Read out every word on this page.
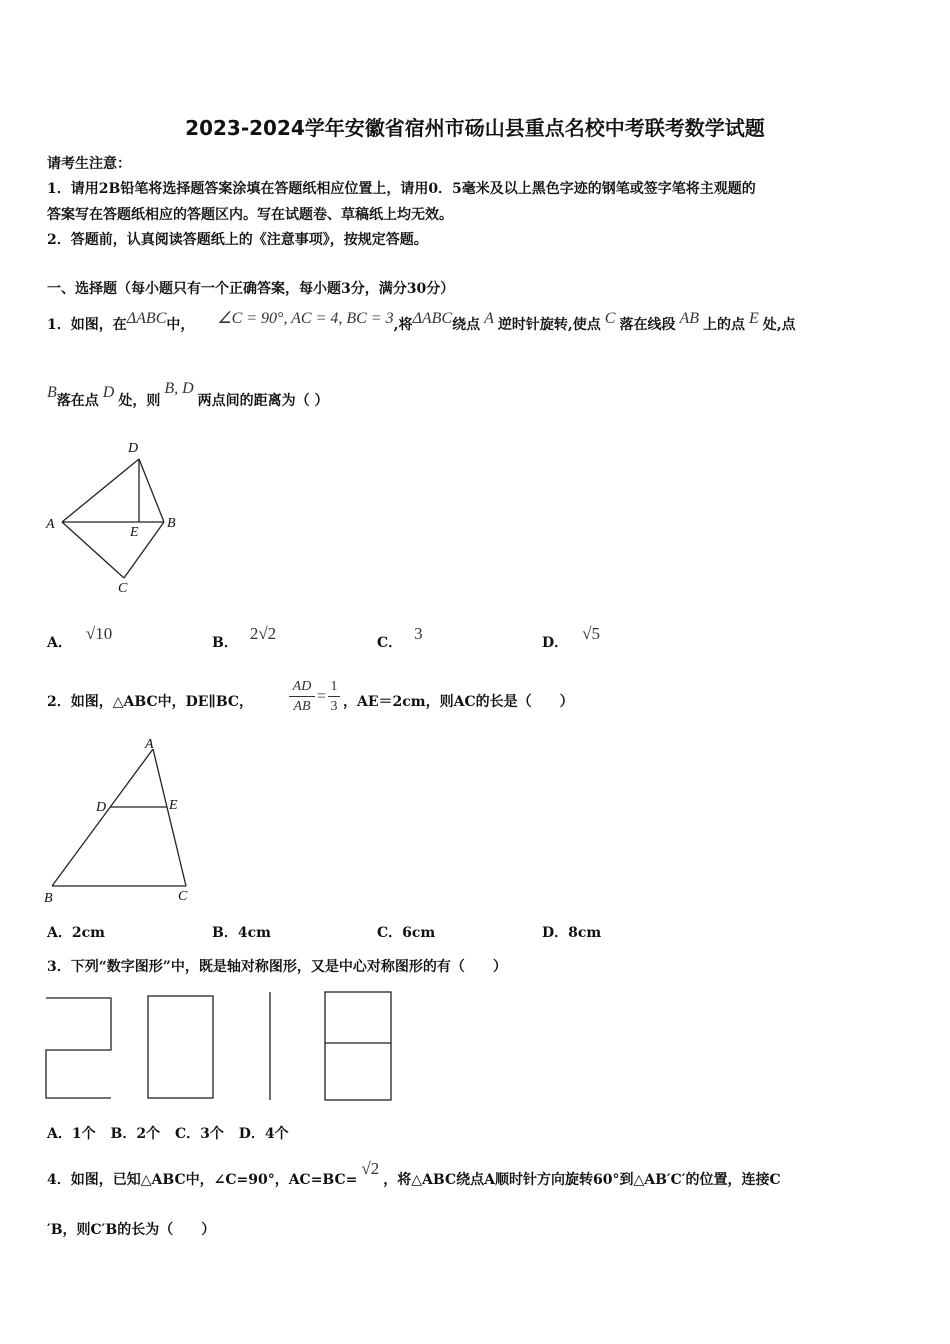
2023-2024学年安徽省宿州市砀山县重点名校中考联考数学试题
请考生注意：
1．请用2B铅笔将选择题答案涂填在答题纸相应位置上，请用0．5毫米及以上黑色字迹的钢笔或签字笔将主观题的
答案写在答题纸相应的答题区内。写在试题卷、草稿纸上均无效。
2．答题前，认真阅读答题纸上的《注意事项》，按规定答题。
一、选择题（每小题只有一个正确答案，每小题3分，满分30分）
1．如图，在ΔABC中， ∠C = 90°, AC = 4, BC = 3,将ΔABC绕点 A 逆时针旋转,使点 C 落在线段 AB 上的点 E 处,点
B落在点 D 处，则B, D两点间的距离为（ ）
D
A
E
B
C
A． √10	B． 2√2	C． 3	D． √5
2．如图，△ABC中，DE∥BC，
AD
AB
=
1
3 ，AE＝2cm，则AC的长是（　　）
A
D	E
B	C
A．2cm	B．4cm	C．6cm	D．8cm
3．下列“数字图形”中，既是轴对称图形，又是中心对称图形的有（　　）
A．1个 B．2个 C．3个 D．4个
4．如图，已知△ABC中，∠C=90°，AC=BC=√2，将△ABC绕点A顺时针方向旋转60°到△AB′C′的位置，连接C
′B，则C′B的长为（　　）
